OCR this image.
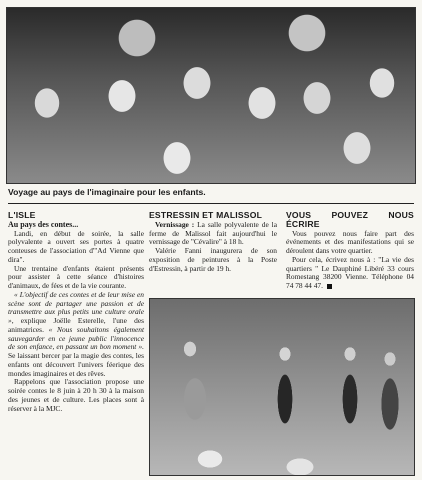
Voyage au pays de l'imaginaire pour les enfants.
L'ISLE

Au pays des contes...

Landi, en début de soirée, la salle polyvalente a ouvert ses portes à quatre conteuses de l'association d'"Ad Vienne que dira".

Une trentaine d'enfants étaient présents pour assister à cette séance d'histoires d'animaux, de fées et de la vie courante.

« L'objectif de ces contes et de leur mise en scène sont de partager une passion et de transmettre aux plus petits une culture orale », explique Joëlle Esterelle, l'une des animatrices. « Nous souhaitons également sauvegarder en ce jeune public l'innocence de son enfance, en passant un bon moment ». Se laissant bercer par la magie des contes, les enfants ont découvert l'univers féerique des mondes imaginaires et des rêves.

Rappelons que l'association propose une soirée contes le 8 juin à 20 h 30 à la maison des jeunes et de culture. Les places sont à réserver à la MJC.

ESTRESSIN ET MALISSOL

Vernissage : La salle polyvalente de la ferme de Malissol fait aujourd'hui le vernissage de "Cévalire" à 18 h.

Valérie Fanni inaugurera de son exposition de peintures à la Poste d'Estressin, à partir de 19 h.

VOUS POUVEZ NOUS ÉCRIRE

Vous pouvez nous faire part des événements et des manifestations qui se déroulent dans votre quartier.

Pour cela, écrivez nous à : "La vie des quartiers " Le Dauphiné Libéré 33 cours Romestang 38200 Vienne. Téléphone 04 74 78 44 47.
